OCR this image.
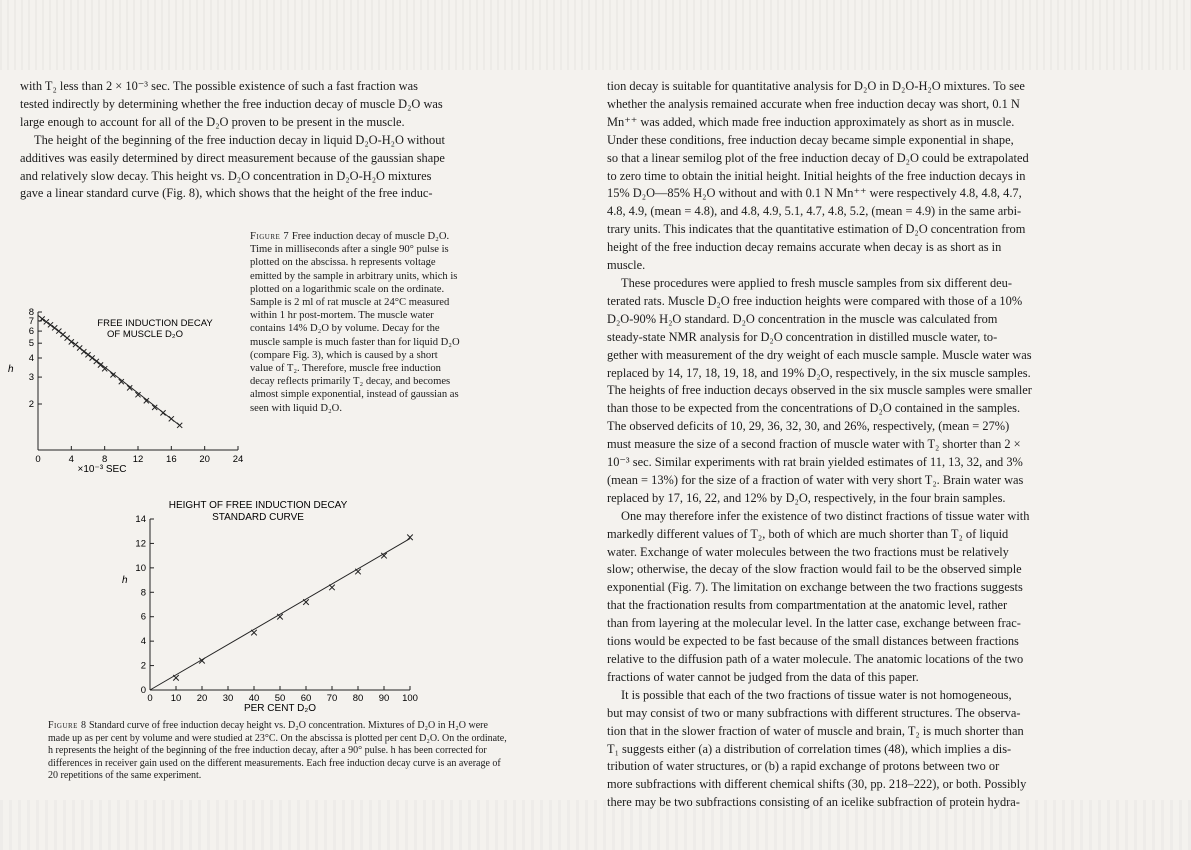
with T₂ less than 2 × 10⁻³ sec. The possible existence of such a fast fraction was

tested indirectly by determining whether the free induction decay of muscle D₂O was

large enough to account for all of the D₂O proven to be present in the muscle.

The height of the beginning of the free induction decay in liquid D₂O-H₂O without

additives was easily determined by direct measurement because of the gaussian shape

and relatively slow decay. This height vs. D₂O concentration in D₂O-H₂O mixtures

gave a linear standard curve (Fig. 8), which shows that the height of the free induc-

0	4	8	12 16 20 24
2
3
4
5
6
7
8
FREE INDUCTION DECAY
OF MUSCLE D₂O
h
×10⁻³ SEC
Figure 7 Free induction decay of muscle D₂O. Time in milliseconds after a single 90° pulse is plotted on the abscissa. h represents voltage emitted by the sample in arbitrary units, which is plotted on a logarithmic scale on the ordinate. Sample is 2 ml of rat muscle at 24°C measured within 1 hr post-mortem. The muscle water contains 14% D₂O by volume. Decay for the muscle sample is much faster than for liquid D₂O (compare Fig. 3), which is caused by a short value of T₂. Therefore, muscle free induction decay reflects primarily T₂ decay, and becomes almost simple exponential, instead of gaussian as seen with liquid D₂O.
0 10 20 30 40 50 60 70 80 90 100
0
2
4
6
8
10
12
14
HEIGHT OF FREE INDUCTION DECAY
STANDARD CURVE
h
PER CENT D₂O
Figure 8 Standard curve of free induction decay height vs. D₂O concentration. Mixtures of D₂O in H₂O were made up as per cent by volume and were studied at 23°C. On the abscissa is plotted per cent D₂O. On the ordinate, h represents the height of the beginning of the free induction decay, after a 90° pulse. h has been corrected for differences in receiver gain used on the different measurements. Each free induction decay curve is an average of 20 repetitions of the same experiment.

tion decay is suitable for quantitative analysis for D₂O in D₂O-H₂O mixtures. To see

whether the analysis remained accurate when free induction decay was short, 0.1 N

Mn⁺⁺ was added, which made free induction approximately as short as in muscle.

Under these conditions, free induction decay became simple exponential in shape,

so that a linear semilog plot of the free induction decay of D₂O could be extrapolated

to zero time to obtain the initial height. Initial heights of the free induction decays in

15% D₂O—85% H₂O without and with 0.1 N Mn⁺⁺ were respectively 4.8, 4.8, 4.7,

4.8, 4.9, (mean = 4.8), and 4.8, 4.9, 5.1, 4.7, 4.8, 5.2, (mean = 4.9) in the same arbi-

trary units. This indicates that the quantitative estimation of D₂O concentration from

height of the free induction decay remains accurate when decay is as short as in

muscle.

These procedures were applied to fresh muscle samples from six different deu-

terated rats. Muscle D₂O free induction heights were compared with those of a 10%

D₂O-90% H₂O standard. D₂O concentration in the muscle was calculated from

steady-state NMR analysis for D₂O concentration in distilled muscle water, to-

gether with measurement of the dry weight of each muscle sample. Muscle water was

replaced by 14, 17, 18, 19, 18, and 19% D₂O, respectively, in the six muscle samples.

The heights of free induction decays observed in the six muscle samples were smaller

than those to be expected from the concentrations of D₂O contained in the samples.

The observed deficits of 10, 29, 36, 32, 30, and 26%, respectively, (mean = 27%)

must measure the size of a second fraction of muscle water with T₂ shorter than 2 ×

10⁻³ sec. Similar experiments with rat brain yielded estimates of 11, 13, 32, and 3%

(mean = 13%) for the size of a fraction of water with very short T₂. Brain water was

replaced by 17, 16, 22, and 12% by D₂O, respectively, in the four brain samples.

One may therefore infer the existence of two distinct fractions of tissue water with

markedly different values of T₂, both of which are much shorter than T₂ of liquid

water. Exchange of water molecules between the two fractions must be relatively

slow; otherwise, the decay of the slow fraction would fail to be the observed simple

exponential (Fig. 7). The limitation on exchange between the two fractions suggests

that the fractionation results from compartmentation at the anatomic level, rather

than from layering at the molecular level. In the latter case, exchange between frac-

tions would be expected to be fast because of the small distances between fractions

relative to the diffusion path of a water molecule. The anatomic locations of the two

fractions of water cannot be judged from the data of this paper.

It is possible that each of the two fractions of tissue water is not homogeneous,

but may consist of two or many subfractions with different structures. The observa-

tion that in the slower fraction of water of muscle and brain, T₂ is much shorter than

T₁ suggests either (a) a distribution of correlation times (48), which implies a dis-

tribution of water structures, or (b) a rapid exchange of protons between two or

more subfractions with different chemical shifts (30, pp. 218–222), or both. Possibly

there may be two subfractions consisting of an icelike subfraction of protein hydra-
